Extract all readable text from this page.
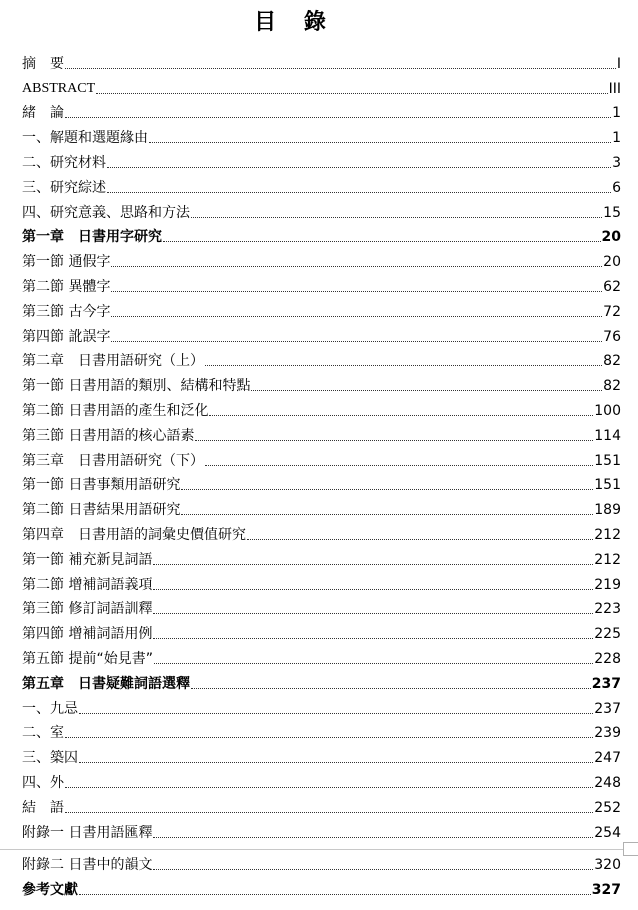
目 錄
摘　要	I
ABSTRACT	III
緒　論	1
一、解題和選題緣由	1
二、研究材料	3
三、研究綜述	6
四、研究意義、思路和方法	15
第一章　日書用字研究	20
第一節 通假字	20
第二節 異體字	62
第三節 古今字	72
第四節 訛誤字	76
第二章　日書用語研究（上）	82
第一節 日書用語的類別、結構和特點	82
第二節 日書用語的產生和泛化	100
第三節 日書用語的核心語素	114
第三章　日書用語研究（下）	151
第一節 日書事類用語研究	151
第二節 日書結果用語研究	189
第四章　日書用語的詞彙史價值研究	212
第一節 補充新見詞語	212
第二節 增補詞語義項	219
第三節 修訂詞語訓釋	223
第四節 增補詞語用例	225
第五節 提前“始見書”	228
第五章　日書疑難詞語選釋	237
一、九忌	237
二、室	239
三、築囚	247
四、外	248
結　語	252
附錄一 日書用語匯釋	254
附錄二 日書中的韻文	320
參考文獻	327
